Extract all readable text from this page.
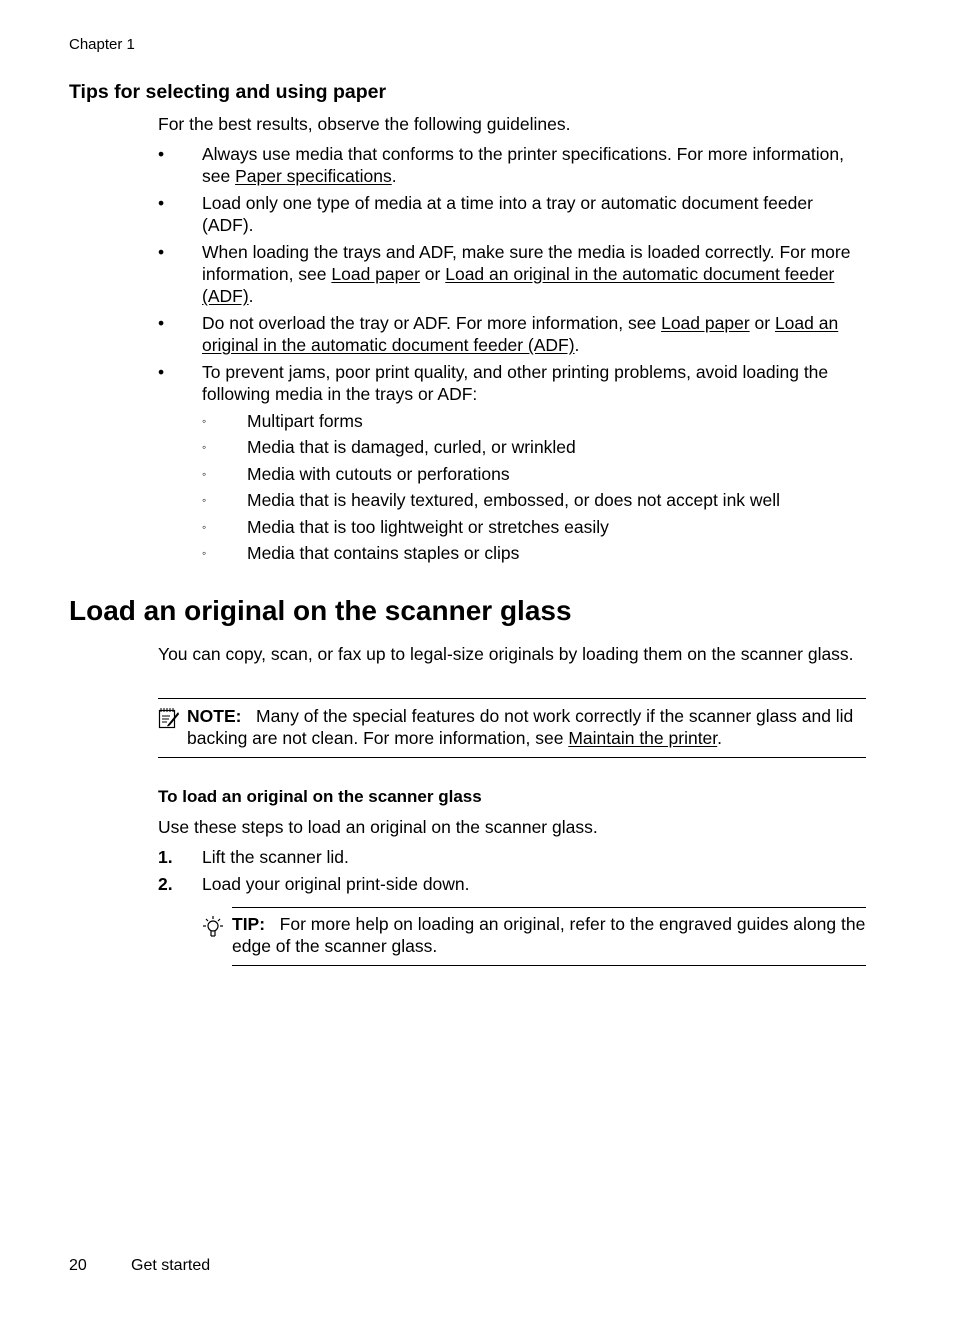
Chapter 1
Tips for selecting and using paper
For the best results, observe the following guidelines.
• Always use media that conforms to the printer specifications. For more information, see Paper specifications.
• Load only one type of media at a time into a tray or automatic document feeder (ADF).
• When loading the trays and ADF, make sure the media is loaded correctly. For more information, see Load paper or Load an original in the automatic document feeder (ADF).
• Do not overload the tray or ADF. For more information, see Load paper or Load an original in the automatic document feeder (ADF).
• To prevent jams, poor print quality, and other printing problems, avoid loading the following media in the trays or ADF:
◦ Multipart forms
◦ Media that is damaged, curled, or wrinkled
◦ Media with cutouts or perforations
◦ Media that is heavily textured, embossed, or does not accept ink well
◦ Media that is too lightweight or stretches easily
◦ Media that contains staples or clips
Load an original on the scanner glass
You can copy, scan, or fax up to legal-size originals by loading them on the scanner glass.
NOTE: Many of the special features do not work correctly if the scanner glass and lid backing are not clean. For more information, see Maintain the printer.
To load an original on the scanner glass
Use these steps to load an original on the scanner glass.
1. Lift the scanner lid.
2. Load your original print-side down.
TIP: For more help on loading an original, refer to the engraved guides along the edge of the scanner glass.
20	Get started
